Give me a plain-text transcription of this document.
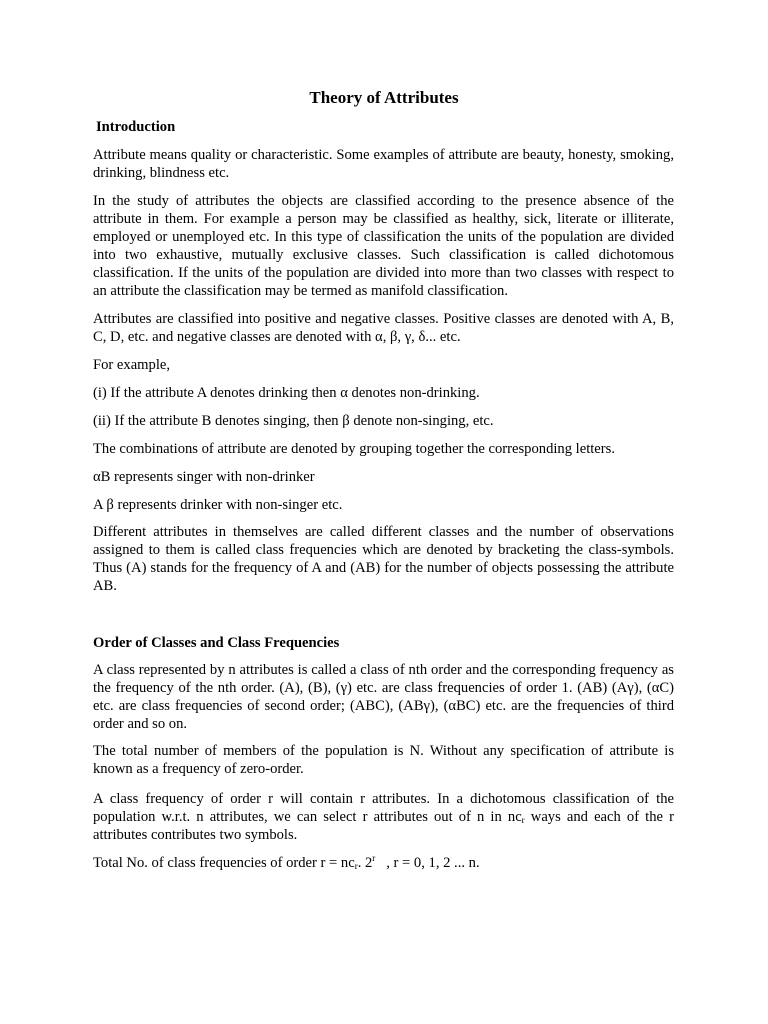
Theory of Attributes
Introduction

Attribute means quality or characteristic. Some examples of attribute are beauty, honesty, smoking, drinking, blindness etc.

In the study of attributes the objects are classified according to the presence absence of the attribute in them. For example a person may be classified as healthy, sick, literate or illiterate, employed or unemployed etc. In this type of classification the units of the population are divided into two exhaustive, mutually exclusive classes. Such classification is called dichotomous classification. If the units of the population are divided into more than two classes with respect to an attribute the classification may be termed as manifold classification.

Attributes are classified into positive and negative classes. Positive classes are denoted with A, B, C, D, etc. and negative classes are denoted with α, β, γ, δ... etc.

For example,

(i) If the attribute A denotes drinking then α denotes non-drinking.

(ii) If the attribute B denotes singing, then β denote non-singing, etc.

The combinations of attribute are denoted by grouping together the corresponding letters.

αB represents singer with non-drinker

A β represents drinker with non-singer etc.

Different attributes in themselves are called different classes and the number of observations assigned to them is called class frequencies which are denoted by bracketing the class-symbols. Thus (A) stands for the frequency of A and (AB) for the number of objects possessing the attribute AB.

Order of Classes and Class Frequencies

A class represented by n attributes is called a class of nth order and the corresponding frequency as the frequency of the nth order. (A), (B), (γ) etc. are class frequencies of order 1. (AB) (Aγ), (αC) etc. are class frequencies of second order; (ABC), (ABγ), (αBC) etc. are the frequencies of third order and so on.

The total number of members of the population is N. Without any specification of attribute is known as a frequency of zero-order.

A class frequency of order r will contain r attributes. In a dichotomous classification of the population w.r.t. n attributes, we can select r attributes out of n in $nc_r$ ways and each of the r attributes contributes two symbols.

Total No. of class frequencies of order $r = nc_r$. 2$^r$   , r = 0, 1, 2 ... n.
